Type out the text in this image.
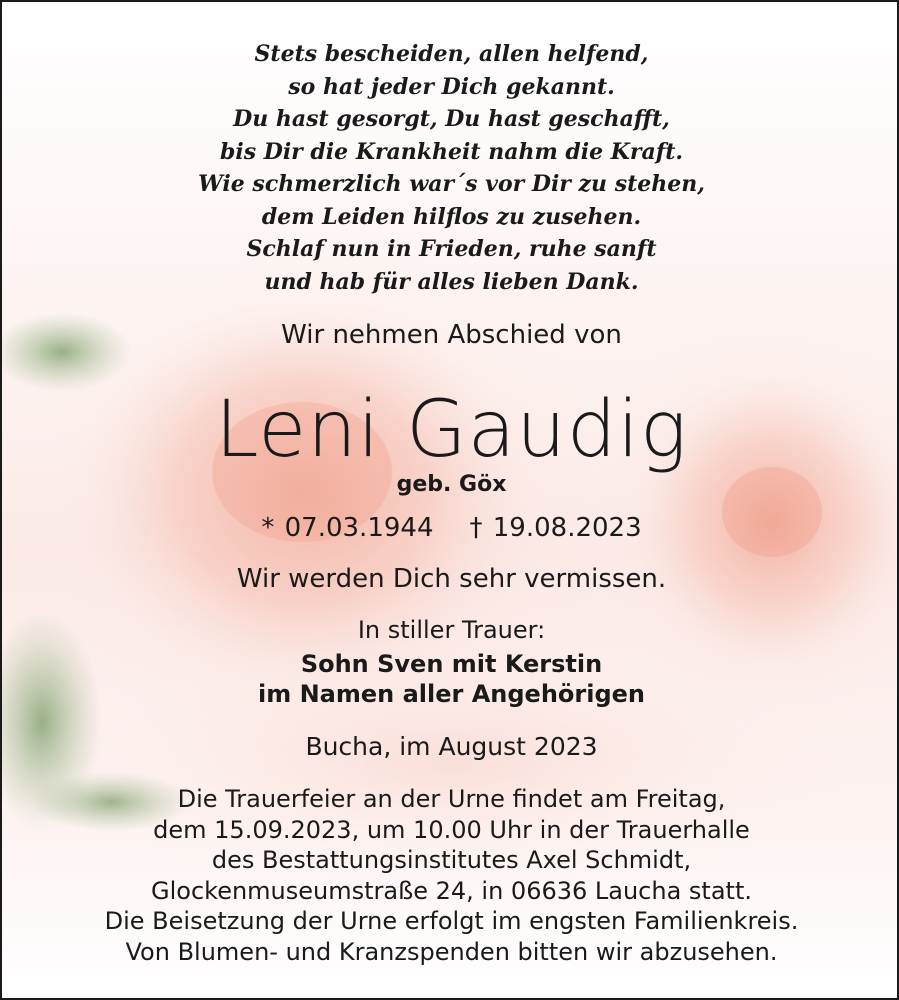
Stets bescheiden, allen helfend,
so hat jeder Dich gekannt.
Du hast gesorgt, Du hast geschafft,
bis Dir die Krankheit nahm die Kraft.
Wie schmerzlich war´s vor Dir zu stehen,
dem Leiden hilflos zu zusehen.
Schlaf nun in Frieden, ruhe sanft
und hab für alles lieben Dank.
Wir nehmen Abschied von
Leni Gaudig
geb. Göx
* 07.03.1944 † 19.08.2023
Wir werden Dich sehr vermissen.
In stiller Trauer:
Sohn Sven mit Kerstin
im Namen aller Angehörigen
Bucha, im August 2023
Die Trauerfeier an der Urne findet am Freitag,
dem 15.09.2023, um 10.00 Uhr in der Trauerhalle
des Bestattungsinstitutes Axel Schmidt,
Glockenmuseumstraße 24, in 06636 Laucha statt.
Die Beisetzung der Urne erfolgt im engsten Familienkreis.
Von Blumen- und Kranzspenden bitten wir abzusehen.
